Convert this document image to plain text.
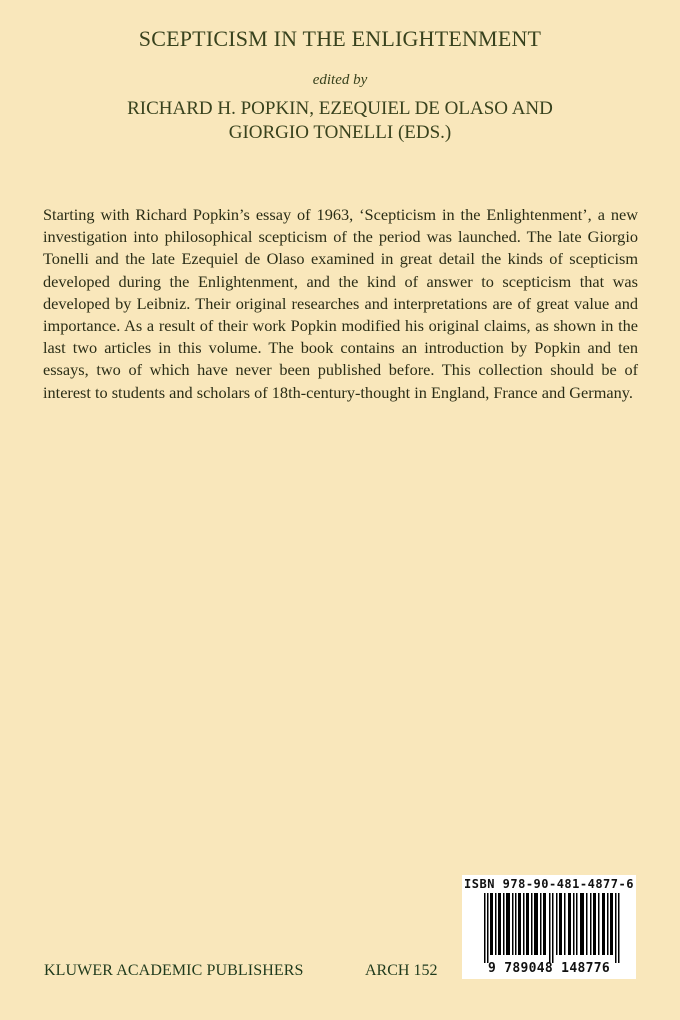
SCEPTICISM IN THE ENLIGHTENMENT
edited by
RICHARD H. POPKIN, EZEQUIEL DE OLASO AND
GIORGIO TONELLI (EDS.)
Starting with Richard Popkin’s essay of 1963, ‘Scepticism in the Enlightenment’, a new investigation into philosophical scepticism of the period was launched. The late Giorgio Tonelli and the late Ezequiel de Olaso examined in great detail the kinds of scepticism developed during the Enlightenment, and the kind of answer to scepticism that was developed by Leibniz. Their original researches and interpretations are of great value and importance. As a result of their work Popkin modified his original claims, as shown in the last two articles in this volume. The book contains an introduction by Popkin and ten essays, two of which have never been published before. This collection should be of interest to students and scholars of 18th-century-thought in England, France and Germany.
ISBN 978-90-481-4877-6
9 789048 148776
KLUWER ACADEMIC PUBLISHERS	ARCH 152
